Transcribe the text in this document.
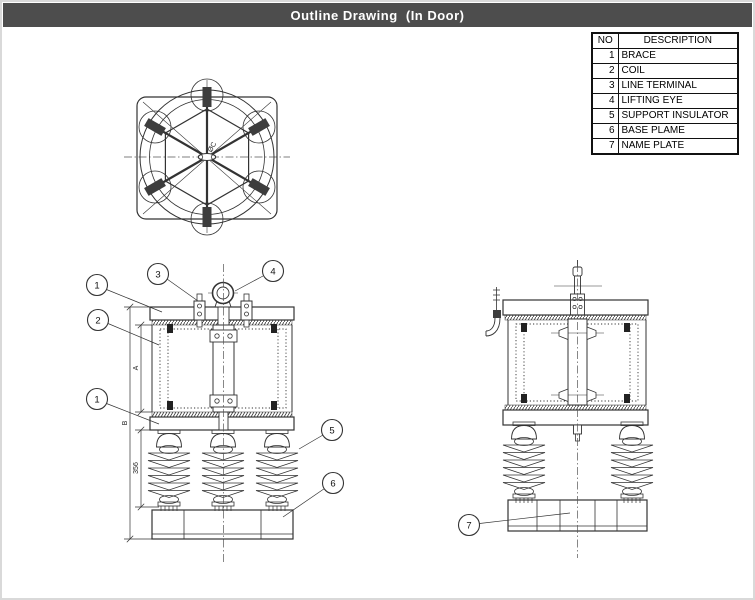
Outline Drawing  (In Door)
ØC
B
A
356
1
3	4
2
1
5
6
7
NO	DESCRIPTION
1	BRACE
2	COIL
3	LINE TERMINAL
4	LIFTING EYE
5	SUPPORT INSULATOR
6	BASE PLAME
7	NAME PLATE
